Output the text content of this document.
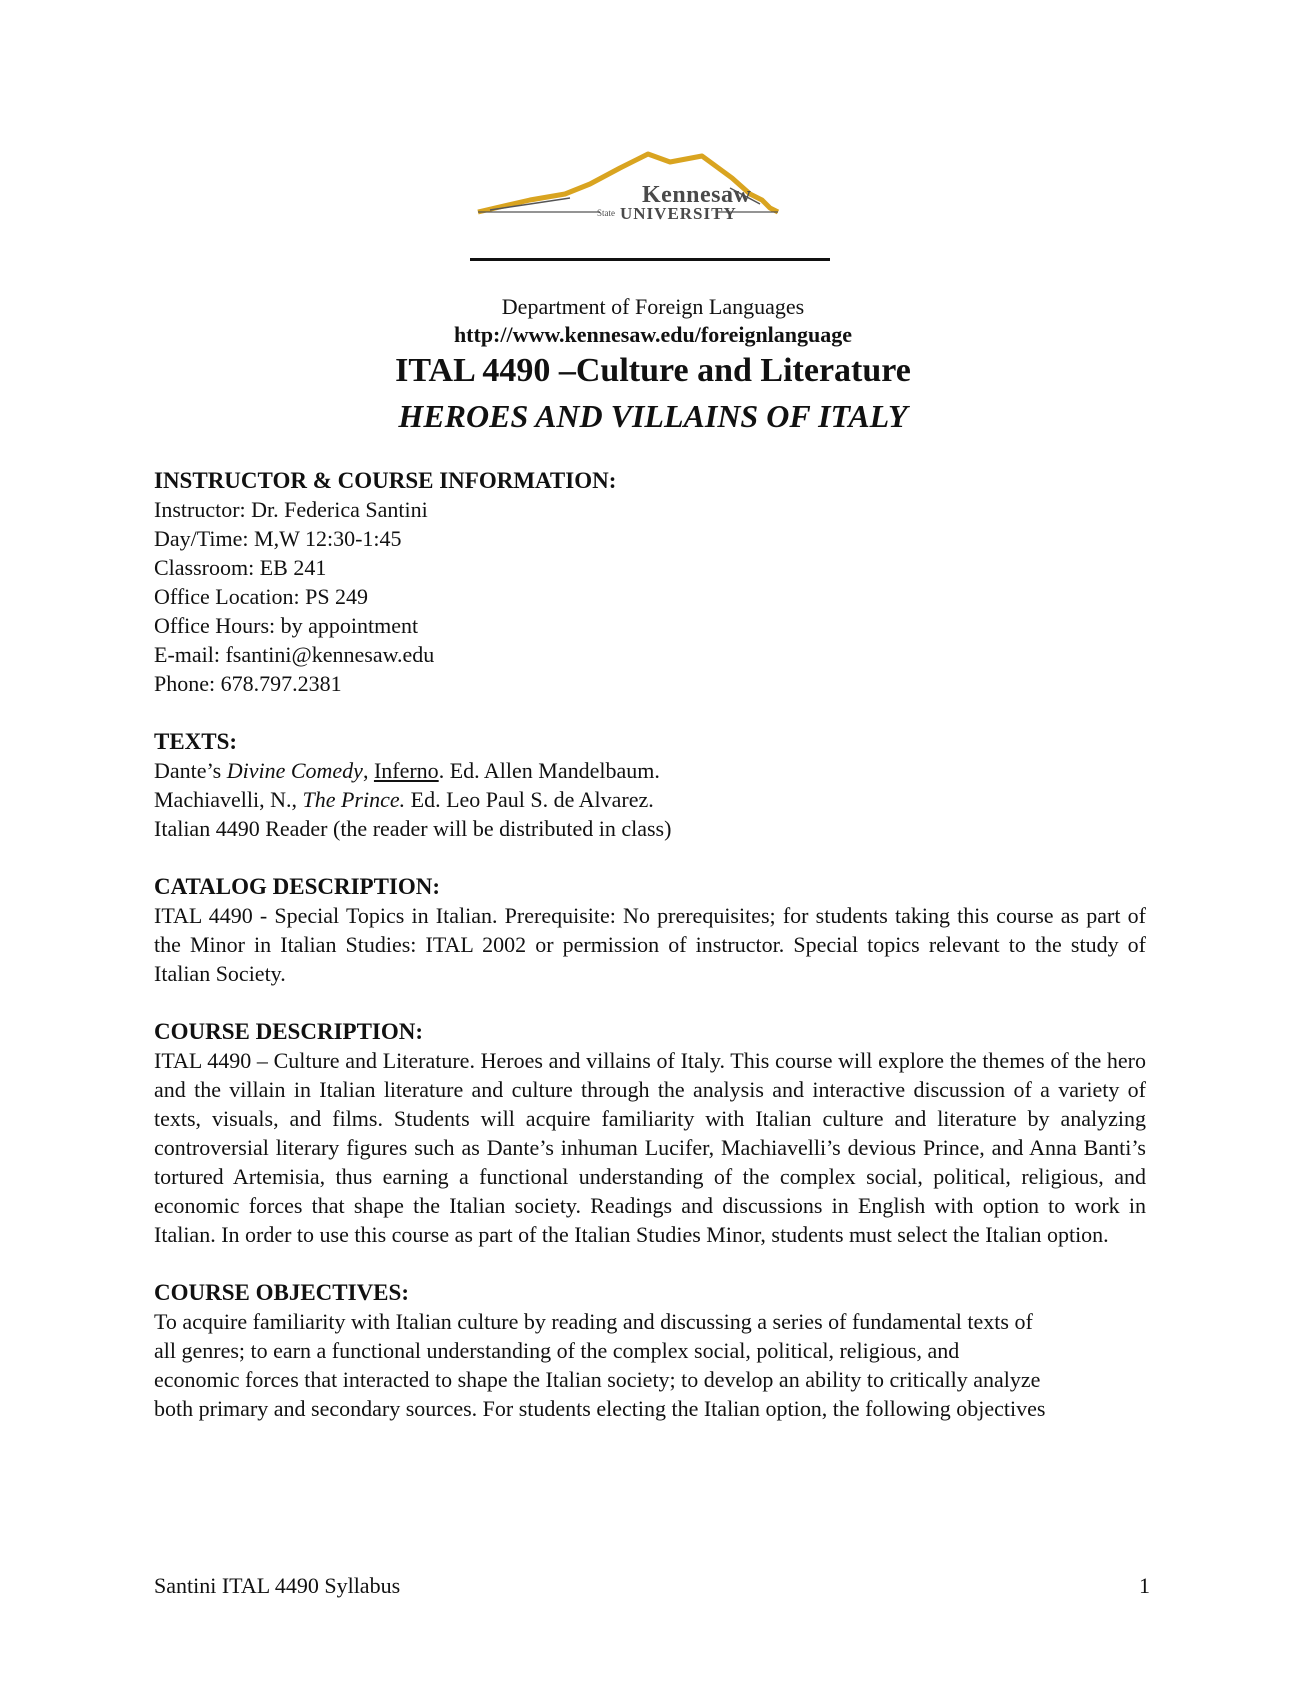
Kennesaw
State UNIVERSITY
Department of Foreign Languages
http://www.kennesaw.edu/foreignlanguage
ITAL 4490 –Culture and Literature
HEROES AND VILLAINS OF ITALY
INSTRUCTOR & COURSE INFORMATION:
Instructor: Dr. Federica Santini
Day/Time: M,W 12:30-1:45
Classroom: EB 241
Office Location: PS 249
Office Hours: by appointment
E-mail: fsantini@kennesaw.edu
Phone: 678.797.2381
TEXTS:
Dante’s Divine Comedy, Inferno. Ed. Allen Mandelbaum.
Machiavelli, N., The Prince. Ed. Leo Paul S. de Alvarez.
Italian 4490 Reader (the reader will be distributed in class)
CATALOG DESCRIPTION:
ITAL 4490 - Special Topics in Italian. Prerequisite: No prerequisites; for students taking this course as part of the Minor in Italian Studies: ITAL 2002 or permission of instructor. Special topics relevant to the study of Italian Society.
COURSE DESCRIPTION:
ITAL 4490 – Culture and Literature. Heroes and villains of Italy. This course will explore the themes of the hero and the villain in Italian literature and culture through the analysis and interactive discussion of a variety of texts, visuals, and films. Students will acquire familiarity with Italian culture and literature by analyzing controversial literary figures such as Dante’s inhuman Lucifer, Machiavelli’s devious Prince, and Anna Banti’s tortured Artemisia, thus earning a functional understanding of the complex social, political, religious, and economic forces that shape the Italian society. Readings and discussions in English with option to work in Italian. In order to use this course as part of the Italian Studies Minor, students must select the Italian option.
COURSE OBJECTIVES:
To acquire familiarity with Italian culture by reading and discussing a series of fundamental texts of
all genres; to earn a functional understanding of the complex social, political, religious, and
economic forces that interacted to shape the Italian society; to develop an ability to critically analyze
both primary and secondary sources. For students electing the Italian option, the following objectives
Santini ITAL 4490 Syllabus	1
